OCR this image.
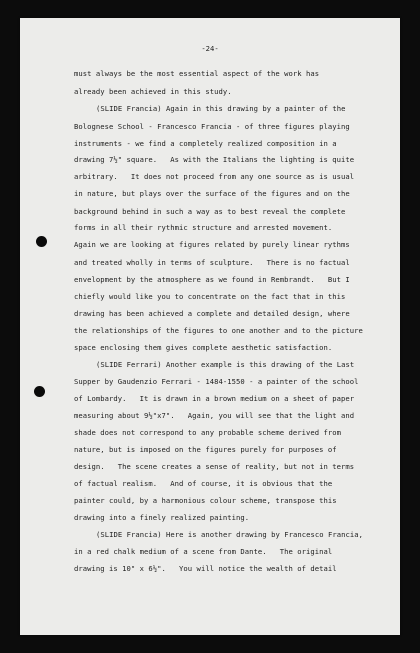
-24-
must always be the most essential aspect of the work has
already been achieved in this study.
(SLIDE Francia) Again in this drawing by a painter of the
Bolognese School - Francesco Francia - of three figures playing
instruments - we find a completely realized composition in a
drawing 7½" square.   As with the Italians the lighting is quite
arbitrary.   It does not proceed from any one source as is usual
in nature, but plays over the surface of the figures and on the
background behind in such a way as to best reveal the complete
forms in all their rythmic structure and arrested movement.
Again we are looking at figures related by purely linear rythms
and treated wholly in terms of sculpture.   There is no factual
envelopment by the atmosphere as we found in Rembrandt.   But I
chiefly would like you to concentrate on the fact that in this
drawing has been achieved a complete and detailed design, where
the relationships of the figures to one another and to the picture
space enclosing them gives complete aesthetic satisfaction.
(SLIDE Ferrari) Another example is this drawing of the Last
Supper by Gaudenzio Ferrari - 1484-1550 - a painter of the school
of Lombardy.   It is drawn in a brown medium on a sheet of paper
measuring about 9½"x7".   Again, you will see that the light and
shade does not correspond to any probable scheme derived from
nature, but is imposed on the figures purely for purposes of
design.   The scene creates a sense of reality, but not in terms
of factual realism.   And of course, it is obvious that the
painter could, by a harmonious colour scheme, transpose this
drawing into a finely realized painting.
(SLIDE Francia) Here is another drawing by Francesco Francia,
in a red chalk medium of a scene from Dante.   The original
drawing is 10" x 6½".   You will notice the wealth of detail
